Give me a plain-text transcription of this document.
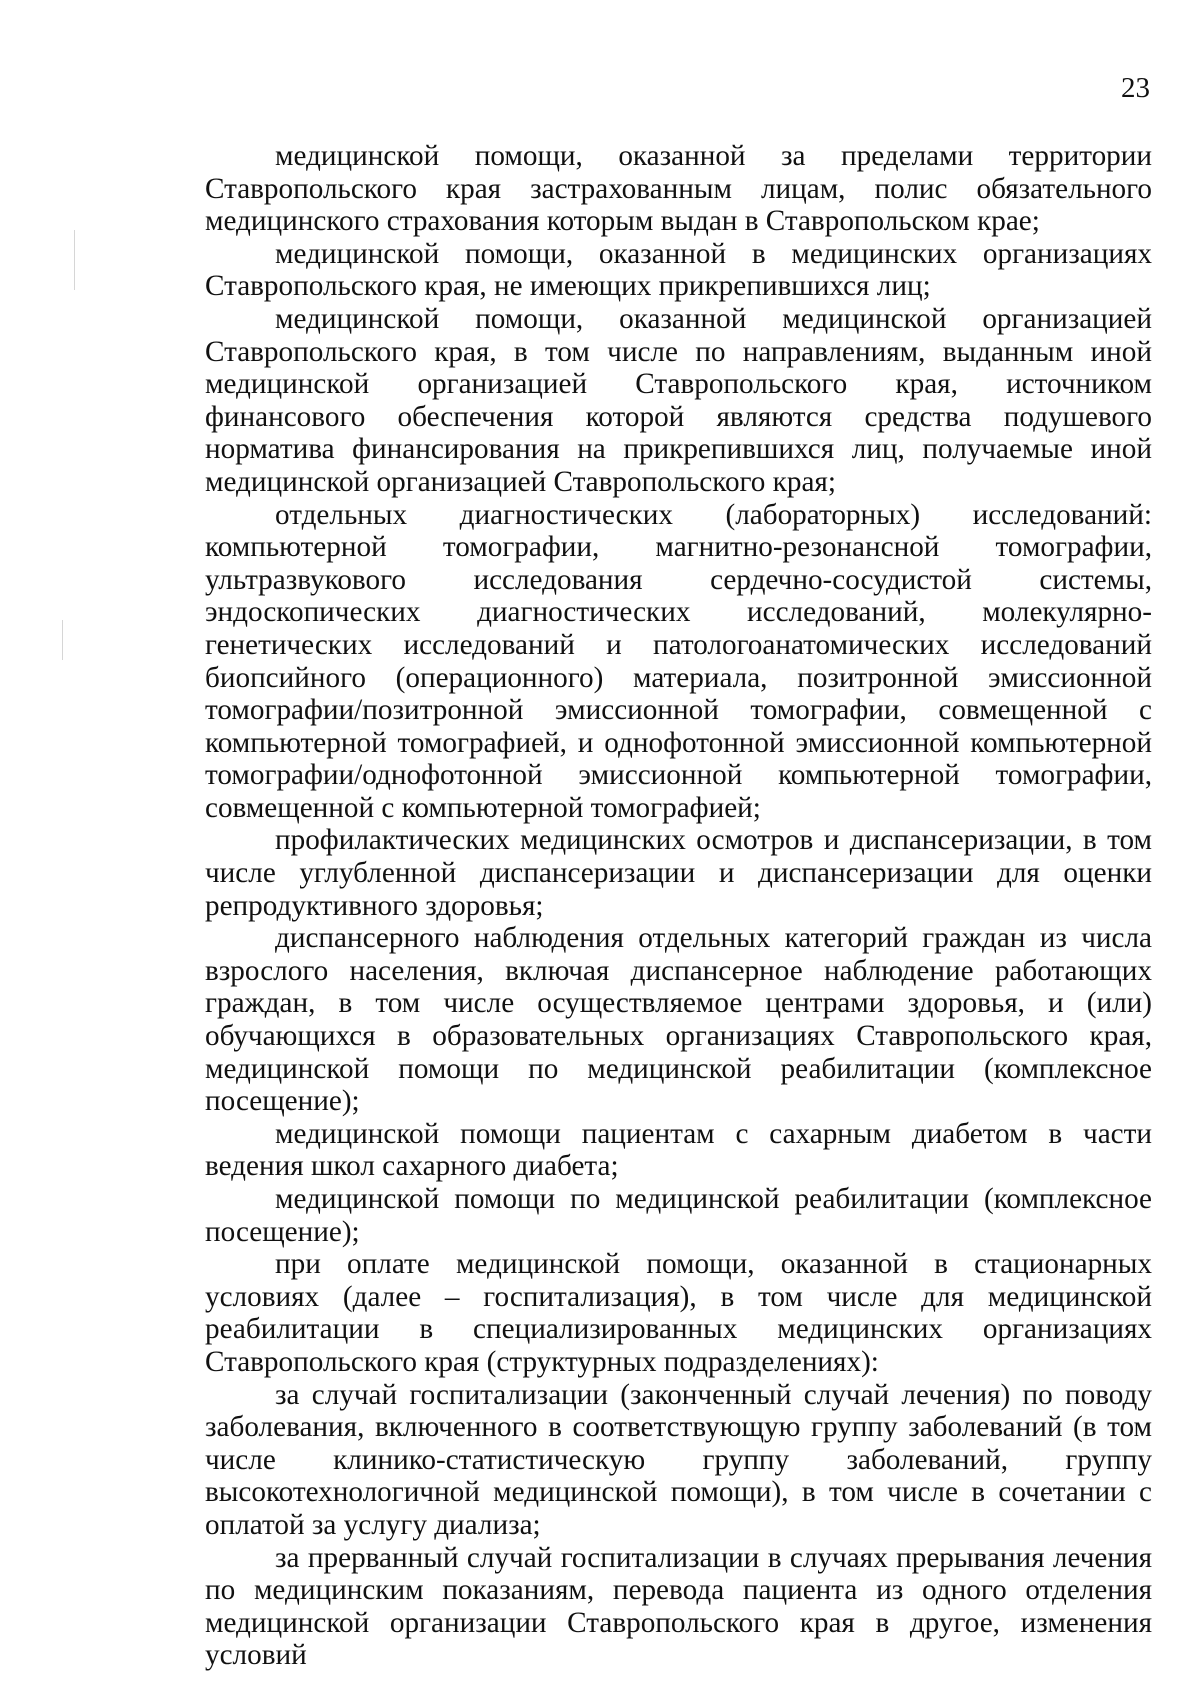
23

медицинской помощи, оказанной за пределами территории Ставропольского края застрахованным лицам, полис обязательного медицинского страхования которым выдан в Ставропольском крае;

медицинской помощи, оказанной в медицинских организациях Ставропольского края, не имеющих прикрепившихся лиц;

медицинской помощи, оказанной медицинской организацией Ставропольского края, в том числе по направлениям, выданным иной медицинской организацией Ставропольского края, источником финансового обеспечения которой являются средства подушевого норматива финансирования на прикрепившихся лиц, получаемые иной медицинской организацией Ставропольского края;

отдельных диагностических (лабораторных) исследований: компьютерной томографии, магнитно-резонансной томографии, ультразвукового исследования сердечно-сосудистой системы, эндоскопических диагностических исследований, молекулярно-генетических исследований и патологоанатомических исследований биопсийного (операционного) материала, позитронной эмиссионной томографии/позитронной эмиссионной томографии, совмещенной с компьютерной томографией, и однофотонной эмиссионной компьютерной томографии/однофотонной эмиссионной компьютерной томографии, совмещенной с компьютерной томографией;

профилактических медицинских осмотров и диспансеризации, в том числе углубленной диспансеризации и диспансеризации для оценки репродуктивного здоровья;

диспансерного наблюдения отдельных категорий граждан из числа взрослого населения, включая диспансерное наблюдение работающих граждан, в том числе осуществляемое центрами здоровья, и (или) обучающихся в образовательных организациях Ставропольского края, медицинской помощи по медицинской реабилитации (комплексное посещение);

медицинской помощи пациентам с сахарным диабетом в части ведения школ сахарного диабета;

медицинской помощи по медицинской реабилитации (комплексное посещение);

при оплате медицинской помощи, оказанной в стационарных условиях (далее – госпитализация), в том числе для медицинской реабилитации в специализированных медицинских организациях Ставропольского края (структурных подразделениях):

за случай госпитализации (законченный случай лечения) по поводу заболевания, включенного в соответствующую группу заболеваний (в том числе клинико-статистическую группу заболеваний, группу высокотехнологичной медицинской помощи), в том числе в сочетании с оплатой за услугу диализа;

за прерванный случай госпитализации в случаях прерывания лечения по медицинским показаниям, перевода пациента из одного отделения медицинской организации Ставропольского края в другое, изменения условий
